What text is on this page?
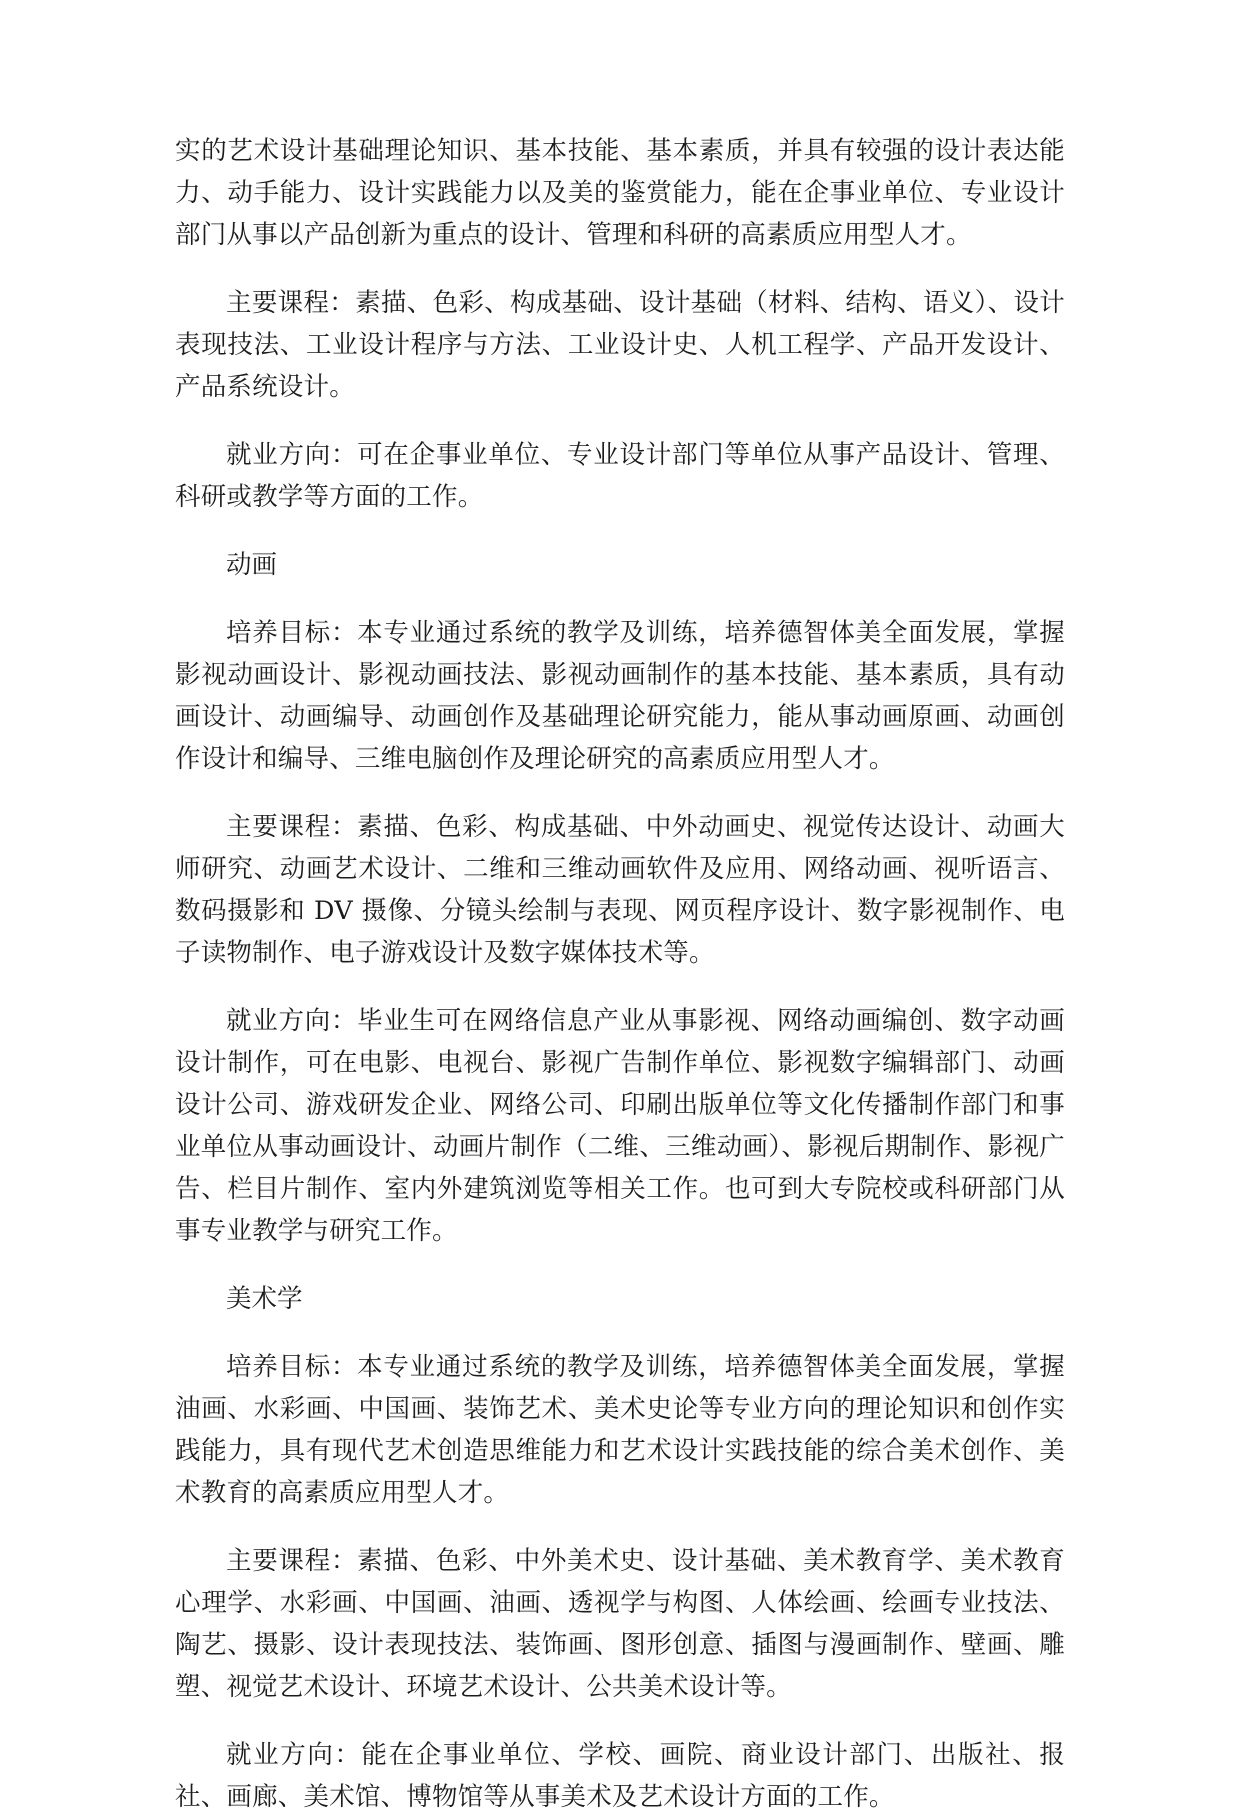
实的艺术设计基础理论知识、基本技能、基本素质，并具有较强的设计表达能力、动手能力、设计实践能力以及美的鉴赏能力，能在企事业单位、专业设计部门从事以产品创新为重点的设计、管理和科研的高素质应用型人才。

主要课程：素描、色彩、构成基础、设计基础（材料、结构、语义）、设计表现技法、工业设计程序与方法、工业设计史、人机工程学、产品开发设计、产品系统设计。

就业方向：可在企事业单位、专业设计部门等单位从事产品设计、管理、科研或教学等方面的工作。

动画

培养目标：本专业通过系统的教学及训练，培养德智体美全面发展，掌握影视动画设计、影视动画技法、影视动画制作的基本技能、基本素质，具有动画设计、动画编导、动画创作及基础理论研究能力，能从事动画原画、动画创作设计和编导、三维电脑创作及理论研究的高素质应用型人才。

主要课程：素描、色彩、构成基础、中外动画史、视觉传达设计、动画大师研究、动画艺术设计、二维和三维动画软件及应用、网络动画、视听语言、数码摄影和 DV 摄像、分镜头绘制与表现、网页程序设计、数字影视制作、电子读物制作、电子游戏设计及数字媒体技术等。

就业方向：毕业生可在网络信息产业从事影视、网络动画编创、数字动画设计制作，可在电影、电视台、影视广告制作单位、影视数字编辑部门、动画设计公司、游戏研发企业、网络公司、印刷出版单位等文化传播制作部门和事业单位从事动画设计、动画片制作（二维、三维动画）、影视后期制作、影视广告、栏目片制作、室内外建筑浏览等相关工作。也可到大专院校或科研部门从事专业教学与研究工作。

美术学

培养目标：本专业通过系统的教学及训练，培养德智体美全面发展，掌握油画、水彩画、中国画、装饰艺术、美术史论等专业方向的理论知识和创作实践能力，具有现代艺术创造思维能力和艺术设计实践技能的综合美术创作、美术教育的高素质应用型人才。

主要课程：素描、色彩、中外美术史、设计基础、美术教育学、美术教育心理学、水彩画、中国画、油画、透视学与构图、人体绘画、绘画专业技法、陶艺、摄影、设计表现技法、装饰画、图形创意、插图与漫画制作、壁画、雕塑、视觉艺术设计、环境艺术设计、公共美术设计等。

就业方向：能在企事业单位、学校、画院、商业设计部门、出版社、报社、画廊、美术馆、博物馆等从事美术及艺术设计方面的工作。
